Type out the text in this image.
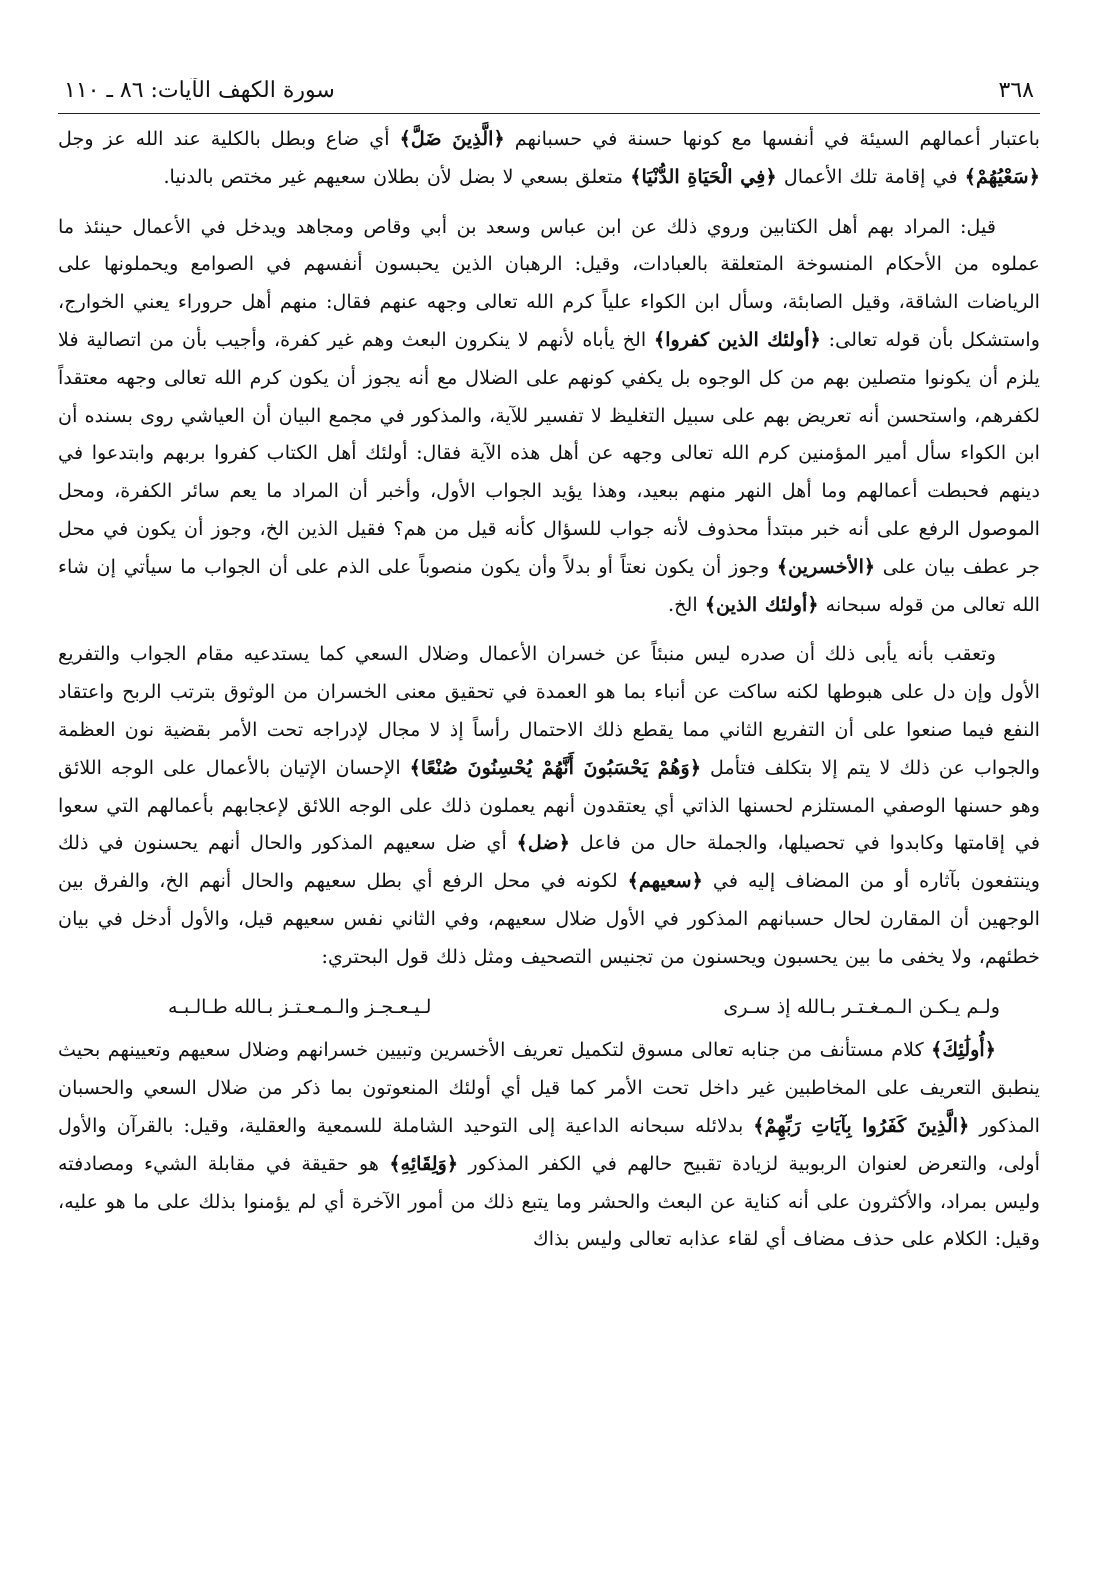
٣٦٨
سورة الكهف الآيات: ٨٦ ـ ١١٠

باعتبار أعمالهم السيئة في أنفسها مع كونها حسنة في حسبانهم ﴿الَّذِينَ ضَلَّ﴾ أي ضاع وبطل بالكلية عند الله عز وجل ﴿سَعْيُهُمْ﴾ في إقامة تلك الأعمال ﴿فِي الْحَيَاةِ الدُّنْيَا﴾ متعلق بسعي لا بضل لأن بطلان سعيهم غير مختص بالدنيا.

قيل: المراد بهم أهل الكتابين وروي ذلك عن ابن عباس وسعد بن أبي وقاص ومجاهد ويدخل في الأعمال حينئذ ما عملوه من الأحكام المنسوخة المتعلقة بالعبادات، وقيل: الرهبان الذين يحبسون أنفسهم في الصوامع ويحملونها على الرياضات الشاقة، وقيل الصابئة، وسأل ابن الكواء علياً كرم الله تعالى وجهه عنهم فقال: منهم أهل حروراء يعني الخوارج، واستشكل بأن قوله تعالى: ﴿أولئك الذين كفروا﴾ الخ يأباه لأنهم لا ينكرون البعث وهم غير كفرة، وأجيب بأن من اتصالية فلا يلزم أن يكونوا متصلين بهم من كل الوجوه بل يكفي كونهم على الضلال مع أنه يجوز أن يكون كرم الله تعالى وجهه معتقداً لكفرهم، واستحسن أنه تعريض بهم على سبيل التغليظ لا تفسير للآية، والمذكور في مجمع البيان أن العياشي روى بسنده أن ابن الكواء سأل أمير المؤمنين كرم الله تعالى وجهه عن أهل هذه الآية فقال: أولئك أهل الكتاب كفروا بربهم وابتدعوا في دينهم فحبطت أعمالهم وما أهل النهر منهم ببعيد، وهذا يؤيد الجواب الأول، وأخبر أن المراد ما يعم سائر الكفرة، ومحل الموصول الرفع على أنه خبر مبتدأ محذوف لأنه جواب للسؤال كأنه قيل من هم؟ فقيل الذين الخ، وجوز أن يكون في محل جر عطف بيان على ﴿الأخسرين﴾ وجوز أن يكون نعتاً أو بدلاً وأن يكون منصوباً على الذم على أن الجواب ما سيأتي إن شاء الله تعالى من قوله سبحانه ﴿أولئك الذين﴾ الخ.

وتعقب بأنه يأبى ذلك أن صدره ليس منبئاً عن خسران الأعمال وضلال السعي كما يستدعيه مقام الجواب والتفريع الأول وإن دل على هبوطها لكنه ساكت عن أنباء بما هو العمدة في تحقيق معنى الخسران من الوثوق بترتب الربح واعتقاد النفع فيما صنعوا على أن التفريع الثاني مما يقطع ذلك الاحتمال رأساً إذ لا مجال لإدراجه تحت الأمر بقضية نون العظمة والجواب عن ذلك لا يتم إلا بتكلف فتأمل ﴿وَهُمْ يَحْسَبُونَ أَنَّهُمْ يُحْسِنُونَ صُنْعًا﴾ الإحسان الإتيان بالأعمال على الوجه اللائق وهو حسنها الوصفي المستلزم لحسنها الذاتي أي يعتقدون أنهم يعملون ذلك على الوجه اللائق لإعجابهم بأعمالهم التي سعوا في إقامتها وكابدوا في تحصيلها، والجملة حال من فاعل ﴿ضل﴾ أي ضل سعيهم المذكور والحال أنهم يحسنون في ذلك وينتفعون بآثاره أو من المضاف إليه في ﴿سعيهم﴾ لكونه في محل الرفع أي بطل سعيهم والحال أنهم الخ، والفرق بين الوجهين أن المقارن لحال حسبانهم المذكور في الأول ضلال سعيهم، وفي الثاني نفس سعيهم قيل، والأول أدخل في بيان خطئهم، ولا يخفى ما بين يحسبون ويحسنون من تجنيس التصحيف ومثل ذلك قول البحتري:

ولـم يـكـن الـمـغـتـر بـالله إذ سـرى
لـيـعـجـز والـمـعـتـز بـالله طـالـبـه

﴿أُولَٰئِكَ﴾ كلام مستأنف من جنابه تعالى مسوق لتكميل تعريف الأخسرين وتبيين خسرانهم وضلال سعيهم وتعيينهم بحيث ينطبق التعريف على المخاطبين غير داخل تحت الأمر كما قيل أي أولئك المنعوتون بما ذكر من ضلال السعي والحسبان المذكور ﴿الَّذِينَ كَفَرُوا بِآيَاتِ رَبِّهِمْ﴾ بدلائله سبحانه الداعية إلى التوحيد الشاملة للسمعية والعقلية، وقيل: بالقرآن والأول أولى، والتعرض لعنوان الربوبية لزيادة تقبيح حالهم في الكفر المذكور ﴿وَلِقَائِهِ﴾ هو حقيقة في مقابلة الشيء ومصادفته وليس بمراد، والأكثرون على أنه كناية عن البعث والحشر وما يتبع ذلك من أمور الآخرة أي لم يؤمنوا بذلك على ما هو عليه، وقيل: الكلام على حذف مضاف أي لقاء عذابه تعالى وليس بذاك
